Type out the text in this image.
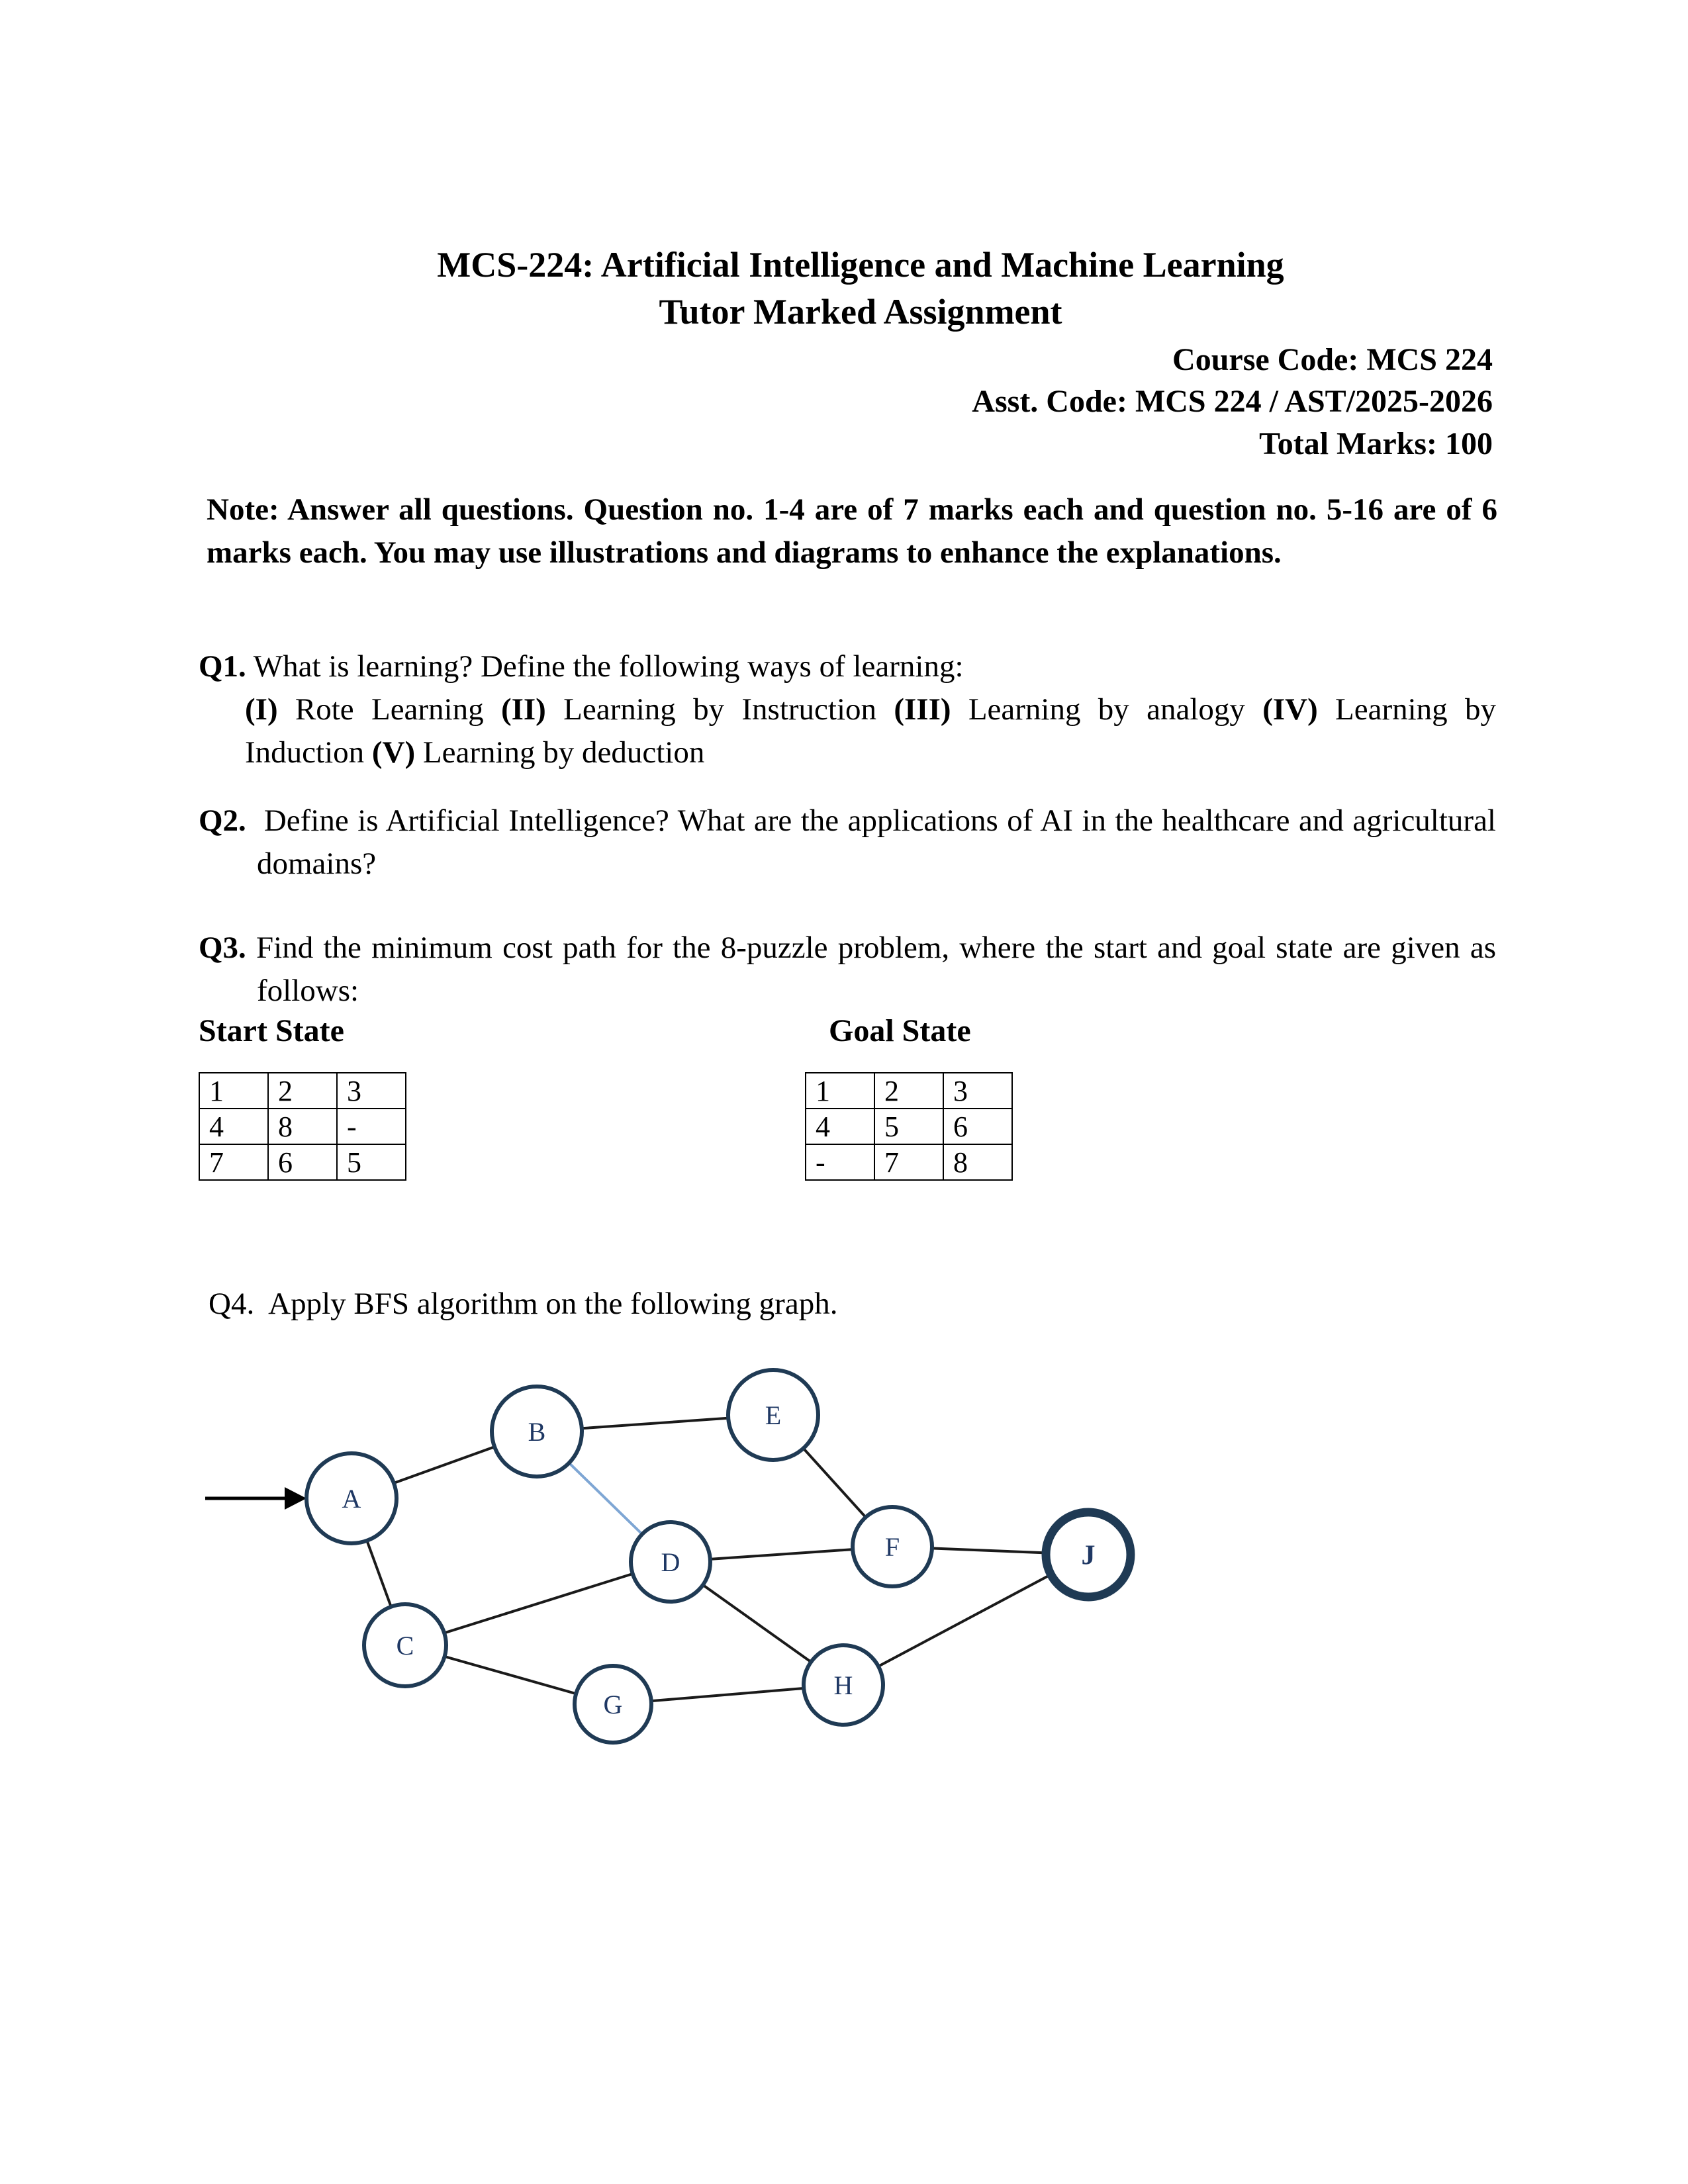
MCS-224: Artificial Intelligence and Machine Learning
Tutor Marked Assignment
Course Code: MCS 224
Asst. Code: MCS 224 / AST/2025-2026
Total Marks: 100
Note: Answer all questions. Question no. 1-4 are of 7 marks each and question no. 5-16 are of 6 marks each. You may use illustrations and diagrams to enhance the explanations.

Q1. What is learning? Define the following ways of learning:

(I) Rote Learning (II) Learning by Instruction (III) Learning by analogy (IV) Learning by Induction (V) Learning by deduction

Q2. Define is Artificial Intelligence? What are the applications of AI in the healthcare and agricultural domains?
Q3. Find the minimum cost path for the 8-puzzle problem, where the start and goal state are given as follows:
Start State	Goal State
1	2	3
4	8	-
7	6	5
1	2	3
4	5	6
-	7	8
Q4. Apply BFS algorithm on the following graph.
A
B
C
D
E
F
G
H
J
